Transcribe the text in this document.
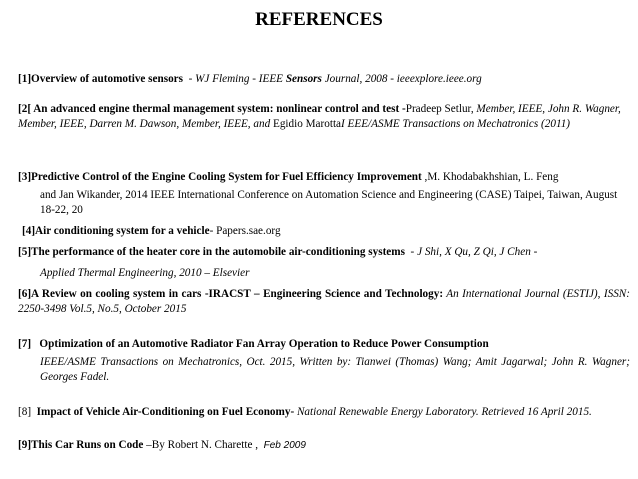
REFERENCES
[1]Overview of automotive sensors  - WJ Fleming - IEEE Sensors Journal, 2008 - ieeexplore.ieee.org
[2[ An advanced engine thermal management system: nonlinear control and test -Pradeep Setlur, Member, IEEE, John R. Wagner, Member, IEEE, Darren M. Dawson, Member, IEEE, and Egidio MarottaI EEE/ASME Transactions on Mechatronics (2011)
[3]Predictive Control of the Engine Cooling System for Fuel Efficiency Improvement ,M. Khodabakhshian, L. Feng
and Jan Wikander, 2014 IEEE International Conference on Automation Science and Engineering (CASE) Taipei, Taiwan, August 18-22, 20
[4]Air conditioning system for a vehicle- Papers.sae.org
[5]The performance of the heater core in the automobile air-conditioning systems  - J Shi, X Qu, Z Qi, J Chen -
Applied Thermal Engineering, 2010 – Elsevier
[6]A Review on cooling system in cars -IRACST – Engineering Science and Technology: An International Journal (ESTIJ), ISSN: 2250-3498 Vol.5, No.5, October 2015
[7]   Optimization of an Automotive Radiator Fan Array Operation to Reduce Power Consumption
IEEE/ASME Transactions on Mechatronics, Oct. 2015, Written by: Tianwei (Thomas) Wang; Amit Jagarwal; John R. Wagner; Georges Fadel.
[8]  Impact of Vehicle Air-Conditioning on Fuel Economy- National Renewable Energy Laboratory. Retrieved 16 April 2015.
[9]This Car Runs on Code –By Robert N. Charette ,  Feb 2009
